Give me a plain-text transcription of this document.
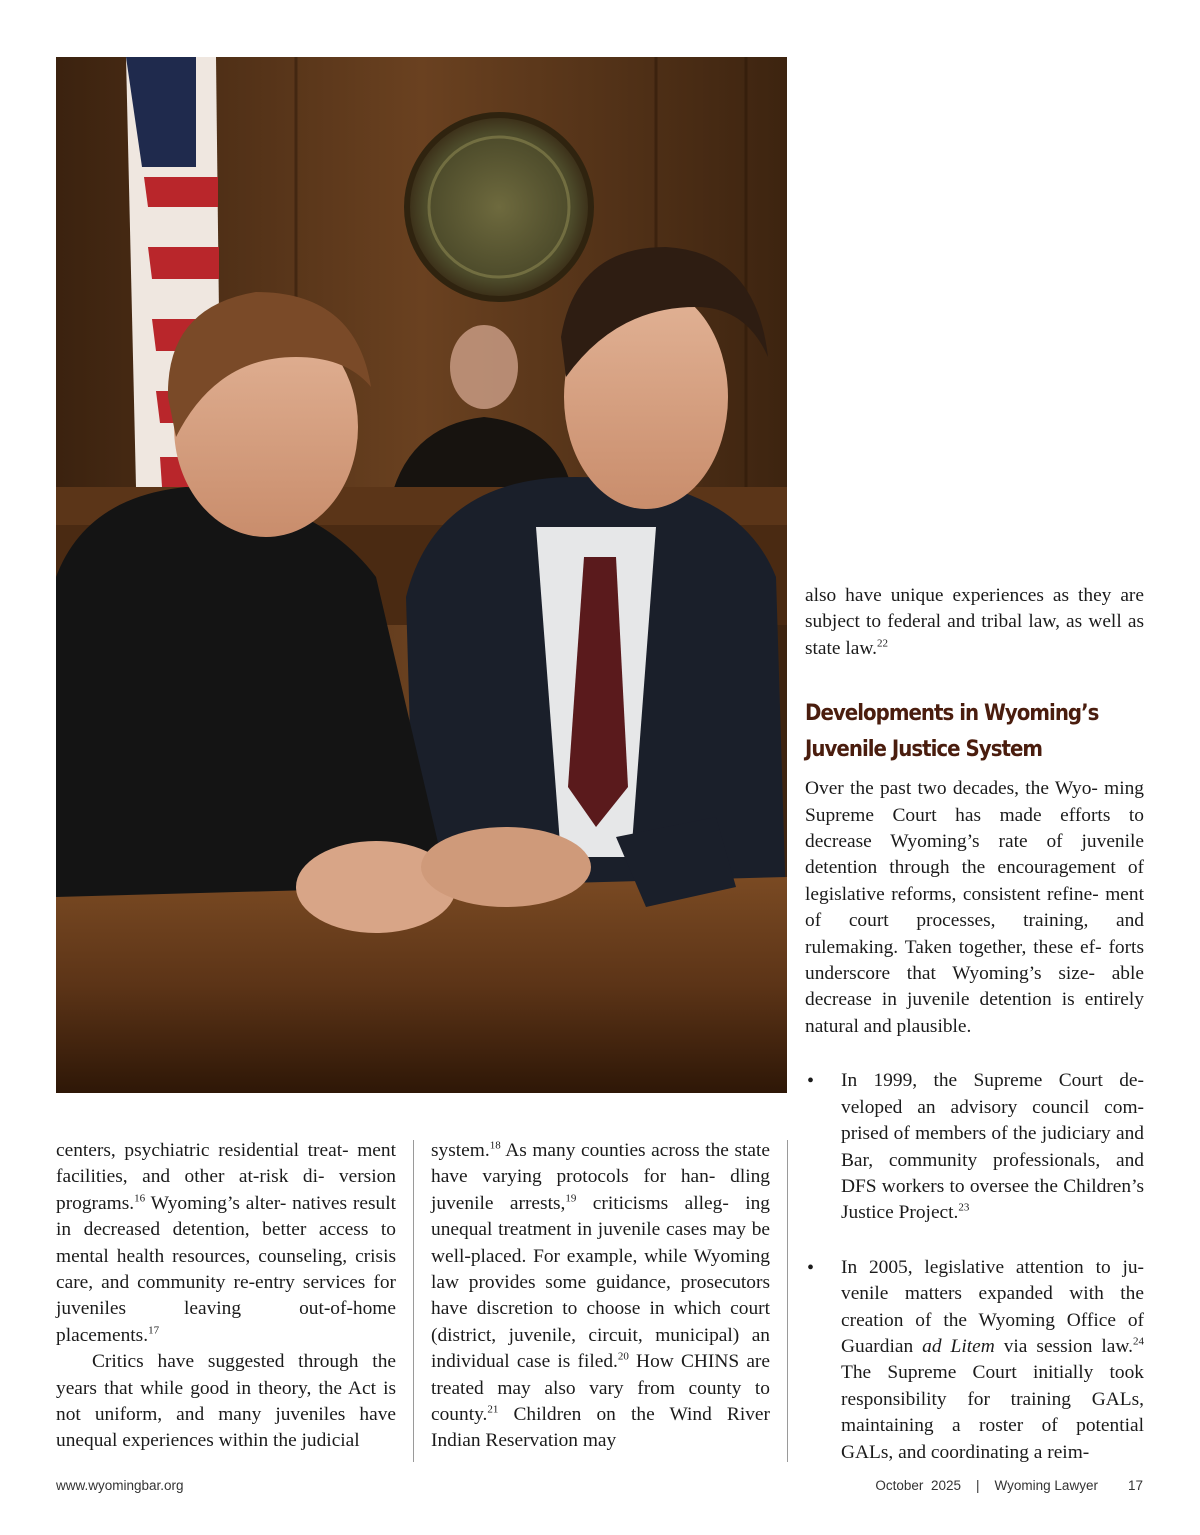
centers, psychiatric residential treat- ment facilities, and other at-risk di- version programs.$^{16}$ Wyoming’s alter- natives result in decreased detention, better access to mental health resources, counseling, crisis care, and community re-entry services for juveniles leaving out-of-home placements.$^{17}$

Critics have suggested through the years that while good in theory, the Act is not uniform, and many juveniles have unequal experiences within the judicial

system.$^{18}$ As many counties across the state have varying protocols for han- dling juvenile arrests,$^{19}$ criticisms alleg- ing unequal treatment in juvenile cases may be well-placed. For example, while Wyoming law provides some guidance, prosecutors have discretion to choose in which court (district, juvenile, circuit, municipal) an individual case is filed.$^{20}$ How CHINS are treated may also vary from county to county.$^{21}$ Children on the Wind River Indian Reservation may

also have unique experiences as they are subject to federal and tribal law, as well as state law.$^{22}$

Developments in Wyoming’s Juvenile Justice System

Over the past two decades, the Wyo- ming Supreme Court has made efforts to decrease Wyoming’s rate of juvenile detention through the encouragement of legislative reforms, consistent refine- ment of court processes, training, and rulemaking. Taken together, these ef- forts underscore that Wyoming’s size- able decrease in juvenile detention is entirely natural and plausible.

• In 1999, the Supreme Court de- veloped an advisory council com- prised of members of the judiciary and Bar, community professionals, and DFS workers to oversee the Children’s Justice Project.$^{23}$
• In 2005, legislative attention to ju- venile matters expanded with the creation of the Wyoming Office of Guardian ad Litem via session law.$^{24}$ The Supreme Court initially took responsibility for training GALs, maintaining a roster of potential GALs, and coordinating a reim-
www.wyomingbar.org	October
2025
|
Wyoming Lawyer
17
